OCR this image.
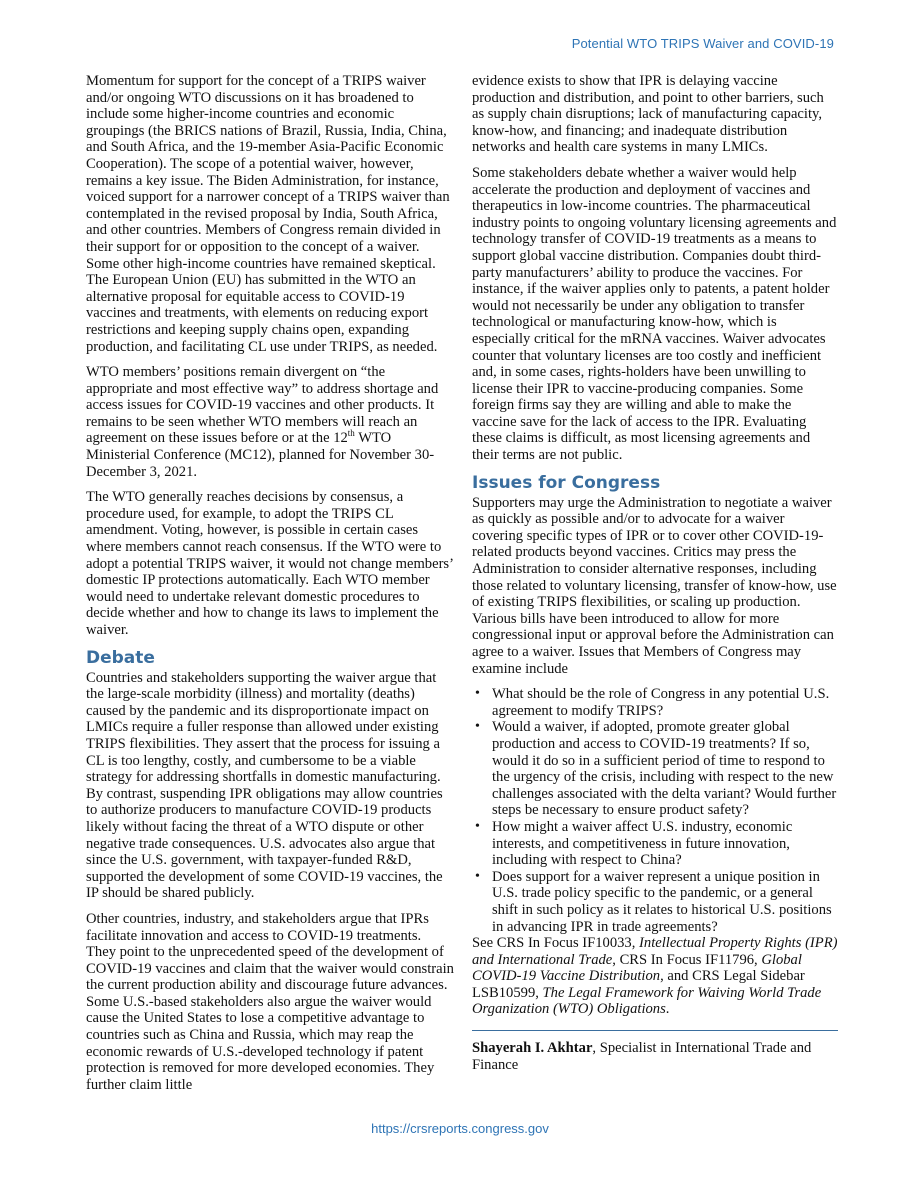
Potential WTO TRIPS Waiver and COVID-19

Momentum for support for the concept of a TRIPS waiver and/or ongoing WTO discussions on it has broadened to include some higher-income countries and economic groupings (the BRICS nations of Brazil, Russia, India, China, and South Africa, and the 19-member Asia-Pacific Economic Cooperation). The scope of a potential waiver, however, remains a key issue. The Biden Administration, for instance, voiced support for a narrower concept of a TRIPS waiver than contemplated in the revised proposal by India, South Africa, and other countries. Members of Congress remain divided in their support for or opposition to the concept of a waiver. Some other high-income countries have remained skeptical. The European Union (EU) has submitted in the WTO an alternative proposal for equitable access to COVID-19 vaccines and treatments, with elements on reducing export restrictions and keeping supply chains open, expanding production, and facilitating CL use under TRIPS, as needed.

WTO members’ positions remain divergent on “the appropriate and most effective way” to address shortage and access issues for COVID-19 vaccines and other products. It remains to be seen whether WTO members will reach an agreement on these issues before or at the 12th WTO Ministerial Conference (MC12), planned for November 30-December 3, 2021.

The WTO generally reaches decisions by consensus, a procedure used, for example, to adopt the TRIPS CL amendment. Voting, however, is possible in certain cases where members cannot reach consensus. If the WTO were to adopt a potential TRIPS waiver, it would not change members’ domestic IP protections automatically. Each WTO member would need to undertake relevant domestic procedures to decide whether and how to change its laws to implement the waiver.

Debate

Countries and stakeholders supporting the waiver argue that the large-scale morbidity (illness) and mortality (deaths) caused by the pandemic and its disproportionate impact on LMICs require a fuller response than allowed under existing TRIPS flexibilities. They assert that the process for issuing a CL is too lengthy, costly, and cumbersome to be a viable strategy for addressing shortfalls in domestic manufacturing. By contrast, suspending IPR obligations may allow countries to authorize producers to manufacture COVID-19 products likely without facing the threat of a WTO dispute or other negative trade consequences. U.S. advocates also argue that since the U.S. government, with taxpayer-funded R&D, supported the development of some COVID-19 vaccines, the IP should be shared publicly.

Other countries, industry, and stakeholders argue that IPRs facilitate innovation and access to COVID-19 treatments. They point to the unprecedented speed of the development of COVID-19 vaccines and claim that the waiver would constrain the current production ability and discourage future advances. Some U.S.-based stakeholders also argue the waiver would cause the United States to lose a competitive advantage to countries such as China and Russia, which may reap the economic rewards of U.S.-developed technology if patent protection is removed for more developed economies. They further claim little

evidence exists to show that IPR is delaying vaccine production and distribution, and point to other barriers, such as supply chain disruptions; lack of manufacturing capacity, know-how, and financing; and inadequate distribution networks and health care systems in many LMICs.

Some stakeholders debate whether a waiver would help accelerate the production and deployment of vaccines and therapeutics in low-income countries. The pharmaceutical industry points to ongoing voluntary licensing agreements and technology transfer of COVID-19 treatments as a means to support global vaccine distribution. Companies doubt third-party manufacturers’ ability to produce the vaccines. For instance, if the waiver applies only to patents, a patent holder would not necessarily be under any obligation to transfer technological or manufacturing know-how, which is especially critical for the mRNA vaccines. Waiver advocates counter that voluntary licenses are too costly and inefficient and, in some cases, rights-holders have been unwilling to license their IPR to vaccine-producing companies. Some foreign firms say they are willing and able to make the vaccine save for the lack of access to the IPR. Evaluating these claims is difficult, as most licensing agreements and their terms are not public.

Issues for Congress

Supporters may urge the Administration to negotiate a waiver as quickly as possible and/or to advocate for a waiver covering specific types of IPR or to cover other COVID-19-related products beyond vaccines. Critics may press the Administration to consider alternative responses, including those related to voluntary licensing, transfer of know-how, use of existing TRIPS flexibilities, or scaling up production. Various bills have been introduced to allow for more congressional input or approval before the Administration can agree to a waiver. Issues that Members of Congress may examine include

• What should be the role of Congress in any potential U.S. agreement to modify TRIPS?
• Would a waiver, if adopted, promote greater global production and access to COVID-19 treatments? If so, would it do so in a sufficient period of time to respond to the urgency of the crisis, including with respect to the new challenges associated with the delta variant? Would further steps be necessary to ensure product safety?
• How might a waiver affect U.S. industry, economic interests, and competitiveness in future innovation, including with respect to China?
• Does support for a waiver represent a unique position in U.S. trade policy specific to the pandemic, or a general shift in such policy as it relates to historical U.S. positions in advancing IPR in trade agreements?
See CRS In Focus IF10033, Intellectual Property Rights (IPR) and International Trade, CRS In Focus IF11796, Global COVID-19 Vaccine Distribution, and CRS Legal Sidebar LSB10599, The Legal Framework for Waiving World Trade Organization (WTO) Obligations.
Shayerah I. Akhtar, Specialist in International Trade and Finance
https://crsreports.congress.gov
